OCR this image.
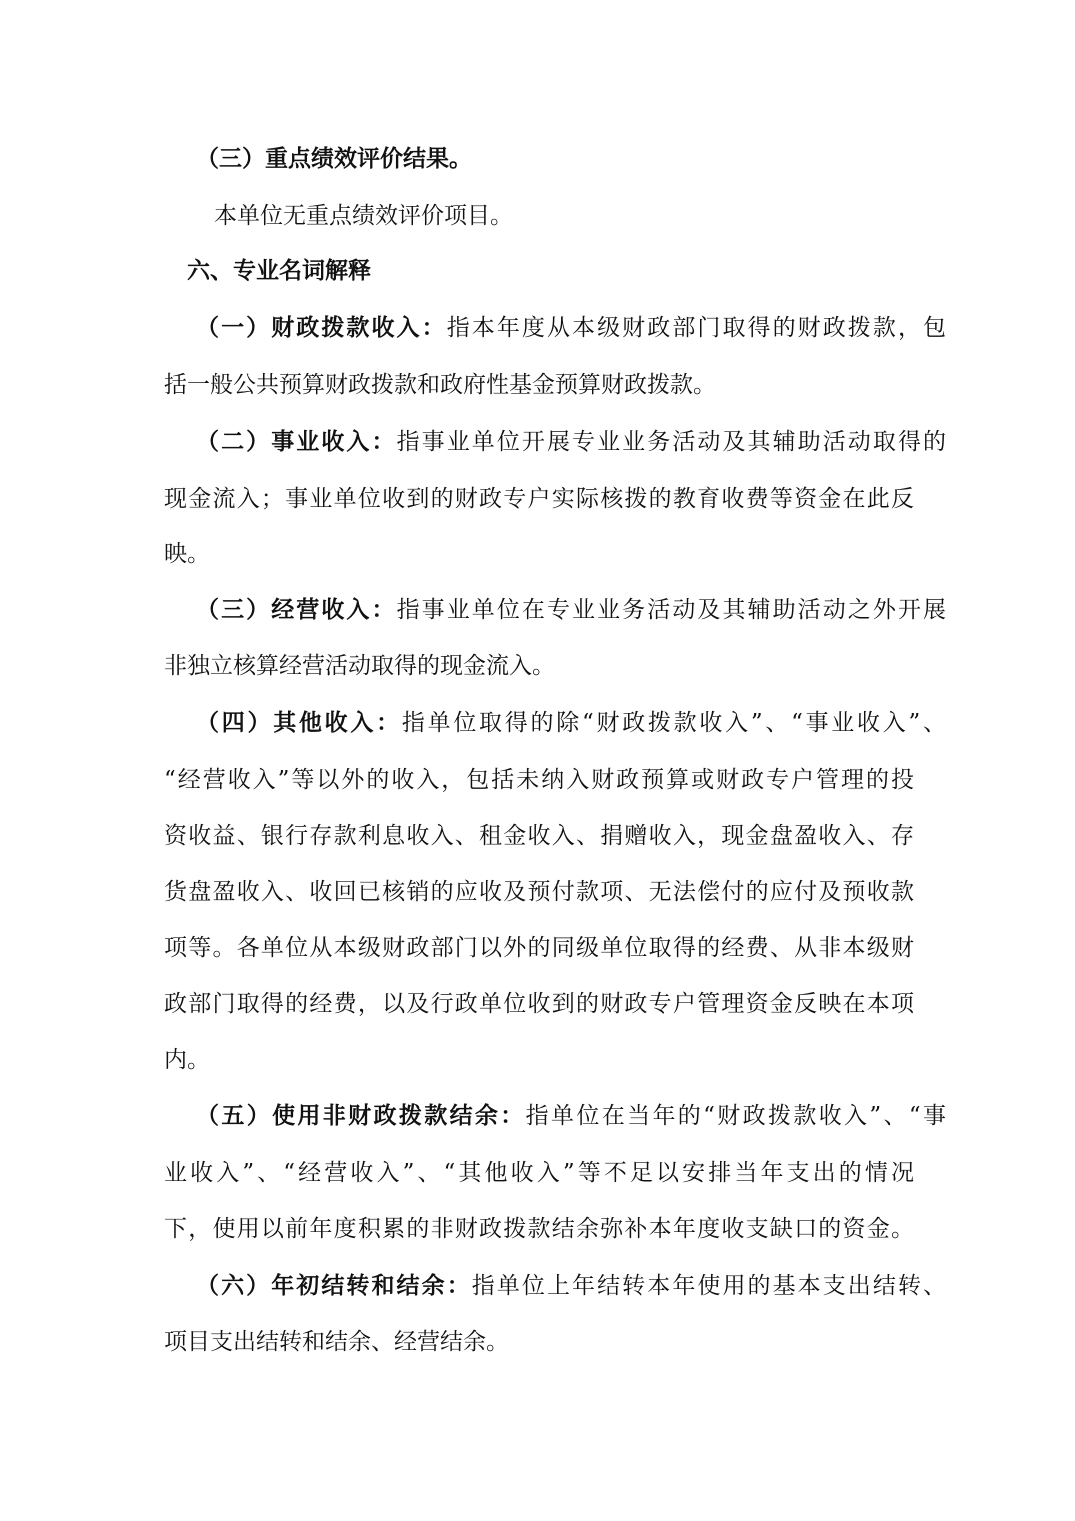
（三）重点绩效评价结果。
本单位无重点绩效评价项目。
六、专业名词解释
（一）财政拨款收入：指本年度从本级财政部门取得的财政拨款，包
括一般公共预算财政拨款和政府性基金预算财政拨款。
（二）事业收入：指事业单位开展专业业务活动及其辅助活动取得的
现金流入；事业单位收到的财政专户实际核拨的教育收费等资金在此反
映。
（三）经营收入：指事业单位在专业业务活动及其辅助活动之外开展
非独立核算经营活动取得的现金流入。
（四）其他收入：指单位取得的除“财政拨款收入”、“事业收入”、
“经营收入”等以外的收入，包括未纳入财政预算或财政专户管理的投
资收益、银行存款利息收入、租金收入、捐赠收入，现金盘盈收入、存
货盘盈收入、收回已核销的应收及预付款项、无法偿付的应付及预收款
项等。各单位从本级财政部门以外的同级单位取得的经费、从非本级财
政部门取得的经费，以及行政单位收到的财政专户管理资金反映在本项
内。
（五）使用非财政拨款结余：指单位在当年的“财政拨款收入”、“事
业收入”、“经营收入”、“其他收入”等不足以安排当年支出的情况
下，使用以前年度积累的非财政拨款结余弥补本年度收支缺口的资金。
（六）年初结转和结余：指单位上年结转本年使用的基本支出结转、
项目支出结转和结余、经营结余。
